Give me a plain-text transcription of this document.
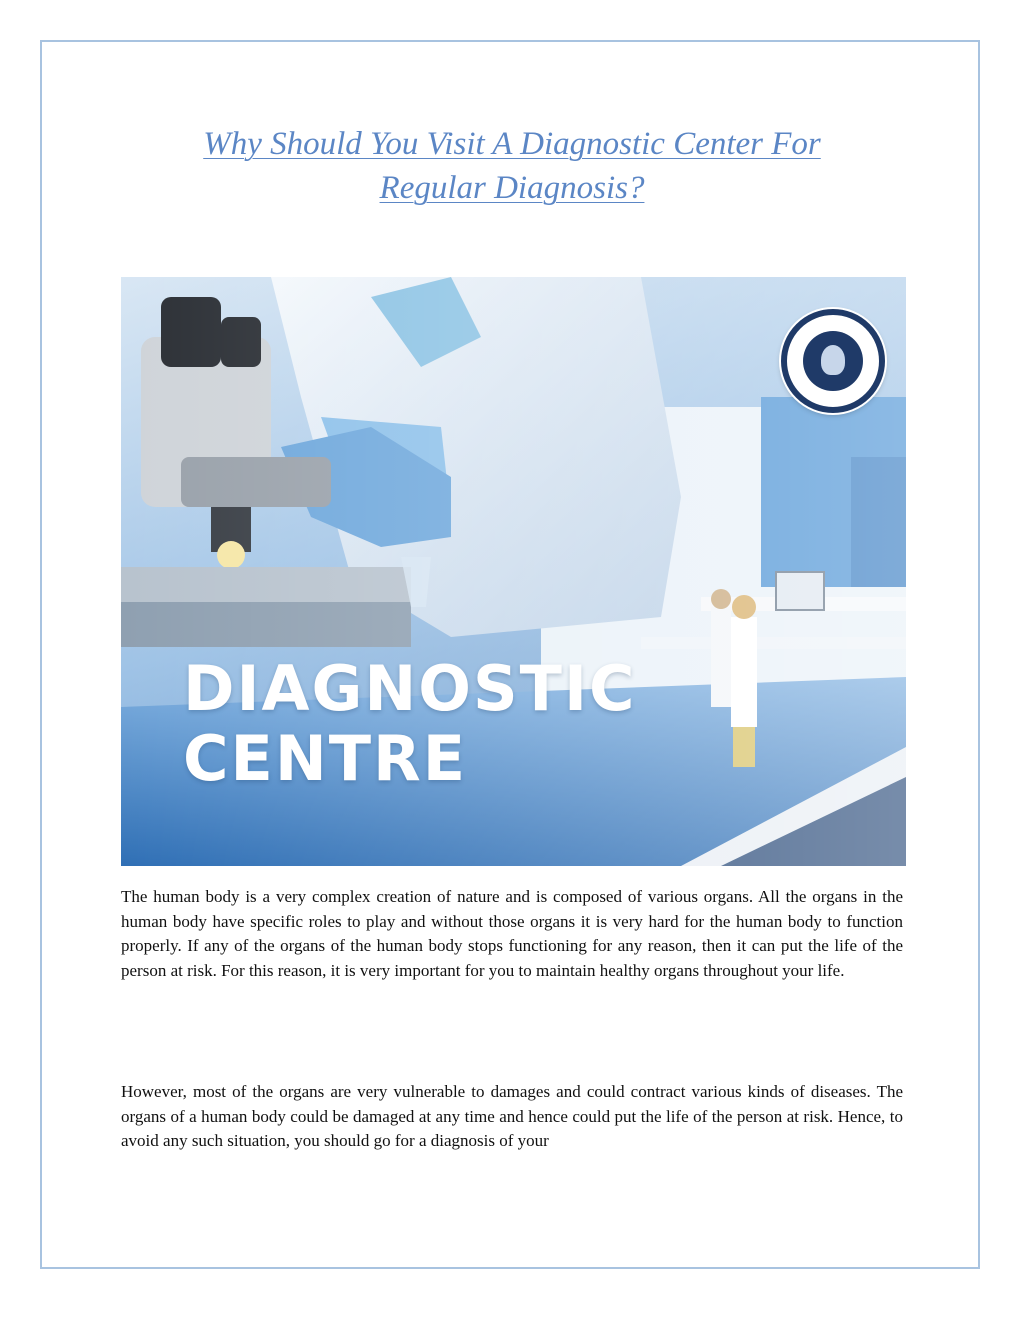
Why Should You Visit A Diagnostic Center For
Regular Diagnosis?
DIAGNOSTIC
CENTRE

The human body is a very complex creation of nature and is composed of various organs. All the organs in the human body have specific roles to play and without those organs it is very hard for the human body to function properly. If any of the organs of the human body stops functioning for any reason, then it can put the life of the person at risk. For this reason, it is very important for you to maintain healthy organs throughout your life.

However, most of the organs are very vulnerable to damages and could contract various kinds of diseases. The organs of a human body could be damaged at any time and hence could put the life of the person at risk. Hence, to avoid any such situation, you should go for a diagnosis of your
